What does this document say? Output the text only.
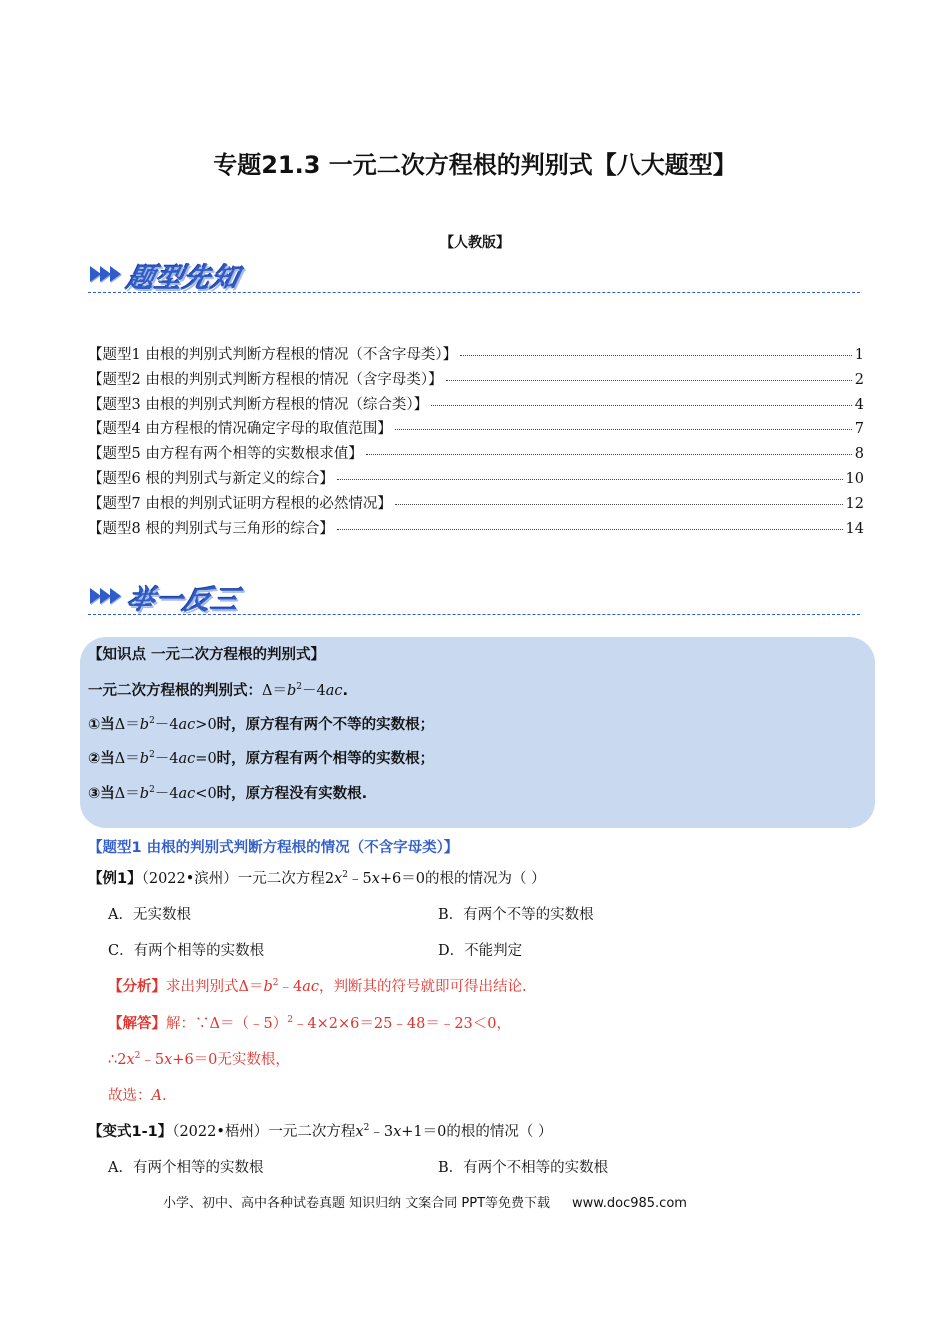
专题21.3 一元二次方程根的判别式【八大题型】
【人教版】
题型先知
【题型1 由根的判别式判断方程根的情况（不含字母类）】	1
【题型2 由根的判别式判断方程根的情况（含字母类）】	2
【题型3 由根的判别式判断方程根的情况（综合类）】	4
【题型4 由方程根的情况确定字母的取值范围】	7
【题型5 由方程有两个相等的实数根求值】	8
【题型6 根的判别式与新定义的综合】	10
【题型7 由根的判别式证明方程根的必然情况】	12
【题型8 根的判别式与三角形的综合】	14
举一反三
【知识点 一元二次方程根的判别式】
一元二次方程根的判别式：$\Delta=b^2-4ac$.
①当$\Delta=b^2-4ac>0$时，原方程有两个不等的实数根；
②当$\Delta=b^2-4ac=0$时，原方程有两个相等的实数根；
③当$\Delta=b^2-4ac<0$时，原方程没有实数根.
【题型1 由根的判别式判断方程根的情况（不含字母类）】
【例1】（2022•滨州）一元二次方程$2x^2﹣5x+6=0$的根的情况为（ ）
A．无实数根	B．有两个不等的实数根
C．有两个相等的实数根	D．不能判定
【分析】求出判别式$\Delta=b^2﹣4ac$，判断其的符号就即可得出结论.
【解答】解：∵Δ＝（﹣5）$^2$﹣4×2×6＝25﹣48＝﹣23＜0，
$\therefore 2x^2﹣5x+6=0$无实数根，
故选：A.
【变式1-1】（2022•梧州）一元二次方程$x^2﹣3x+1=0$的根的情况（ ）
A．有两个相等的实数根	B．有两个不相等的实数根
小学、初中、高中各种试卷真题 知识归纳 文案合同 PPT等免费下载 www.doc985.com
